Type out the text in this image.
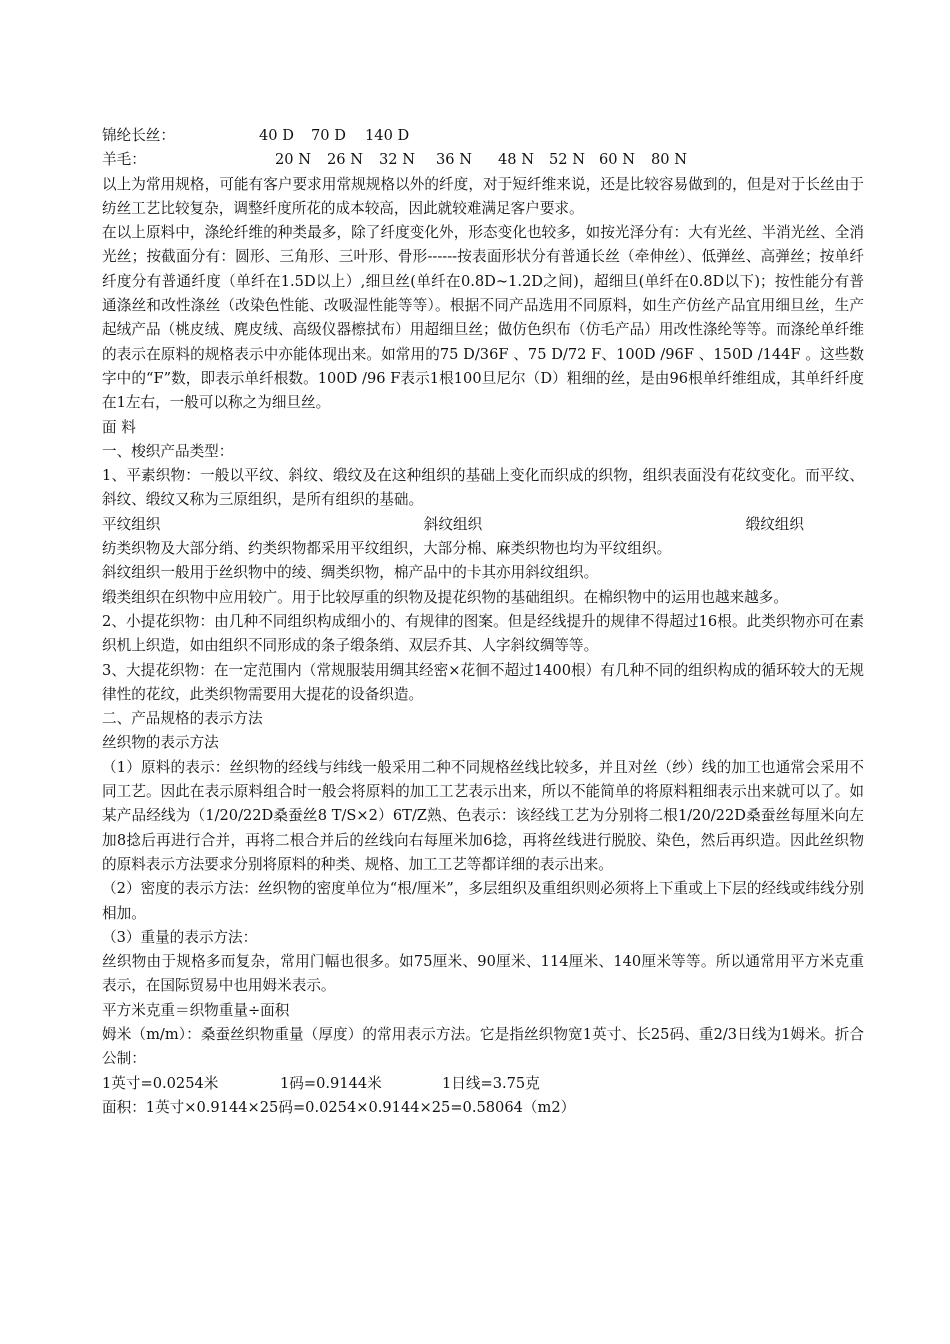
锦纶长丝：	40 D 70 D 140 D
羊毛：	20 N 26 N 32 N 36 N 48 N 52 N 60 N 80 N

以上为常用规格，可能有客户要求用常规规格以外的纤度，对于短纤维来说，还是比较容易做到的，但是对于长丝由于纺丝工艺比较复杂，调整纤度所花的成本较高，因此就较难满足客户要求。

在以上原料中，涤纶纤维的种类最多，除了纤度变化外，形态变化也较多，如按光泽分有：大有光丝、半消光丝、全消光丝；按截面分有：圆形、三角形、三叶形、骨形------按表面形状分有普通长丝（牵伸丝）、低弹丝、高弹丝；按单纤纤度分有普通纤度（单纤在1.5D以上）,细旦丝(单纤在0.8D~1.2D之间)，超细旦(单纤在0.8D以下)；按性能分有普通涤丝和改性涤丝（改染色性能、改吸湿性能等等）。根据不同产品选用不同原料，如生产仿丝产品宜用细旦丝，生产起绒产品（桃皮绒、麂皮绒、高级仪器檫拭布）用超细旦丝；做仿色织布（仿毛产品）用改性涤纶等等。而涤纶单纤维的表示在原料的规格表示中亦能体现出来。如常用的75 D/36F 、75 D/72 F、100D /96F 、150D /144F 。这些数字中的“F”数，即表示单纤根数。100D /96 F表示1根100旦尼尔（D）粗细的丝，是由96根单纤维组成，其单纤纤度在1左右，一般可以称之为细旦丝。

面 料

一、梭织产品类型：

1、平素织物：一般以平纹、斜纹、缎纹及在这种组织的基础上变化而织成的织物，组织表面没有花纹变化。而平纹、斜纹、缎纹又称为三原组织，是所有组织的基础。

平纹组织	斜纹组织	缎纹组织

纺类织物及大部分绡、约类织物都采用平纹组织，大部分棉、麻类织物也均为平纹组织。

斜纹组织一般用于丝织物中的绫、绸类织物，棉产品中的卡其亦用斜纹组织。

缎类组织在织物中应用较广。用于比较厚重的织物及提花织物的基础组织。在棉织物中的运用也越来越多。

2、小提花织物：由几种不同组织构成细小的、有规律的图案。但是经线提升的规律不得超过16根。此类织物亦可在素织机上织造，如由组织不同形成的条子缎条绡、双层乔其、人字斜纹绸等等。

3、大提花织物：在一定范围内（常规服装用绸其经密×花徊不超过1400根）有几种不同的组织构成的循环较大的无规律性的花纹，此类织物需要用大提花的设备织造。

二、产品规格的表示方法

丝织物的表示方法

（1）原料的表示：丝织物的经线与纬线一般采用二种不同规格丝线比较多，并且对丝（纱）线的加工也通常会采用不同工艺。因此在表示原料组合时一般会将原料的加工工艺表示出来，所以不能简单的将原料粗细表示出来就可以了。如某产品经线为（1/20/22D桑蚕丝8 T/S×2）6T/Z熟、色表示：该经线工艺为分别将二根1/20/22D桑蚕丝每厘米向左加8捻后再进行合并，再将二根合并后的丝线向右每厘米加6捻，再将丝线进行脱胶、染色，然后再织造。因此丝织物的原料表示方法要求分别将原料的种类、规格、加工工艺等都详细的表示出来。

（2）密度的表示方法：丝织物的密度单位为“根/厘米”，多层组织及重组织则必须将上下重或上下层的经线或纬线分别相加。

（3）重量的表示方法：

丝织物由于规格多而复杂，常用门幅也很多。如75厘米、90厘米、114厘米、140厘米等等。所以通常用平方米克重表示，在国际贸易中也用姆米表示。

平方米克重＝织物重量÷面积

姆米（m/m）：桑蚕丝织物重量（厚度）的常用表示方法。它是指丝织物宽1英寸、长25码、重2/3日线为1姆米。折合公制：

1英寸=0.0254米	1码=0.9144米	1日线=3.75克

面积：1英寸×0.9144×25码=0.0254×0.9144×25=0.58064（m2）
